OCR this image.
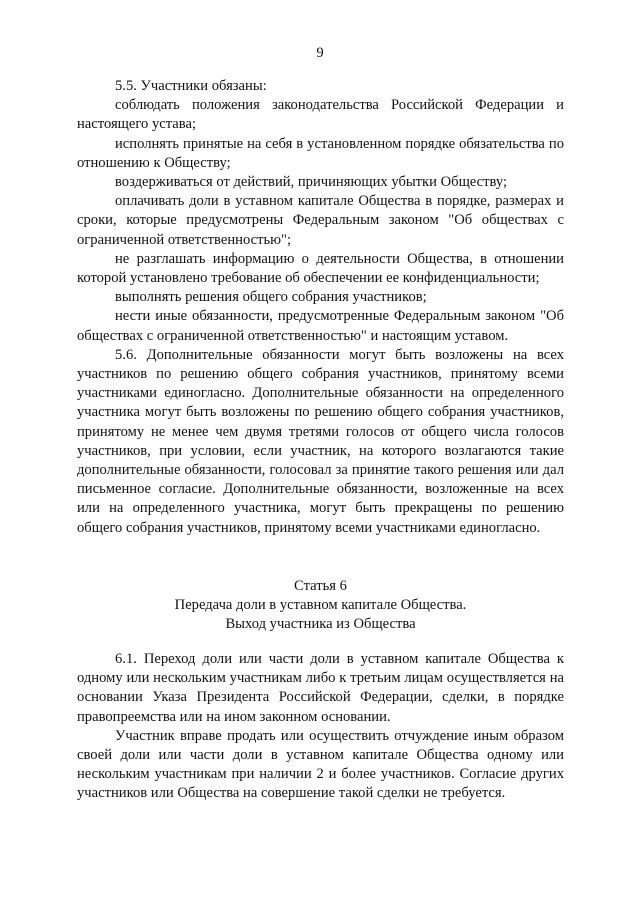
9

5.5. Участники обязаны:

соблюдать положения законодательства Российской Федерации и настоящего устава;

исполнять принятые на себя в установленном порядке обязательства по отношению к Обществу;

воздерживаться от действий, причиняющих убытки Обществу;

оплачивать доли в уставном капитале Общества в порядке, размерах и сроки, которые предусмотрены Федеральным законом "Об обществах с ограниченной ответственностью";

не разглашать информацию о деятельности Общества, в отношении которой установлено требование об обеспечении ее конфиденциальности;

выполнять решения общего собрания участников;

нести иные обязанности, предусмотренные Федеральным законом "Об обществах с ограниченной ответственностью" и настоящим уставом.

5.6. Дополнительные обязанности могут быть возложены на всех участников по решению общего собрания участников, принятому всеми участниками единогласно. Дополнительные обязанности на определенного участника могут быть возложены по решению общего собрания участников, принятому не менее чем двумя третями голосов от общего числа голосов участников, при условии, если участник, на которого возлагаются такие дополнительные обязанности, голосовал за принятие такого решения или дал письменное согласие. Дополнительные обязанности, возложенные на всех или на определенного участника, могут быть прекращены по решению общего собрания участников, принятому всеми участниками единогласно.

Статья 6

Передача доли в уставном капитале Общества.

Выход участника из Общества

6.1. Переход доли или части доли в уставном капитале Общества к одному или нескольким участникам либо к третьим лицам осуществляется на основании Указа Президента Российской Федерации, сделки, в порядке правопреемства или на ином законном основании.

Участник вправе продать или осуществить отчуждение иным образом своей доли или части доли в уставном капитале Общества одному или нескольким участникам при наличии 2 и более участников. Согласие других участников или Общества на совершение такой сделки не требуется.
